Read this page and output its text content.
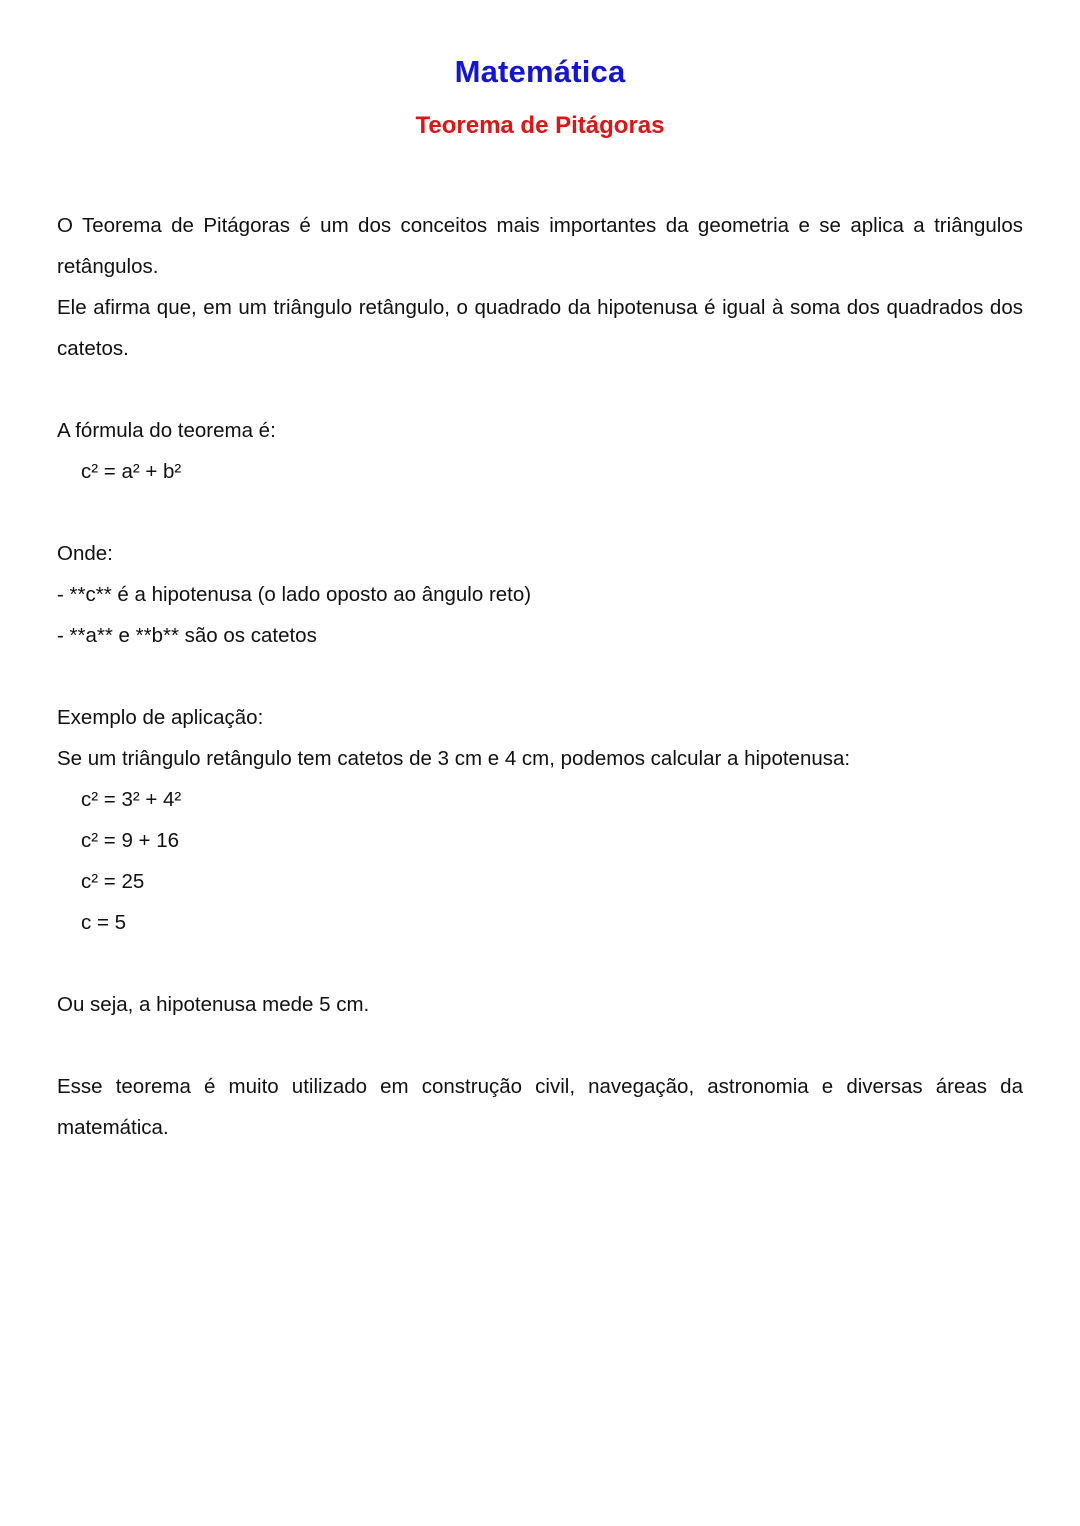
Matemática
Teorema de Pitágoras

O Teorema de Pitágoras é um dos conceitos mais importantes da geometria e se aplica a triângulos retângulos.

Ele afirma que, em um triângulo retângulo, o quadrado da hipotenusa é igual à soma dos quadrados dos catetos.

A fórmula do teorema é:

c² = a² + b²

Onde:

- **c** é a hipotenusa (o lado oposto ao ângulo reto)

- **a** e **b** são os catetos

Exemplo de aplicação:

Se um triângulo retângulo tem catetos de 3 cm e 4 cm, podemos calcular a hipotenusa:

c² = 3² + 4²

c² = 9 + 16

c² = 25

c = 5

Ou seja, a hipotenusa mede 5 cm.

Esse teorema é muito utilizado em construção civil, navegação, astronomia e diversas áreas da matemática.
